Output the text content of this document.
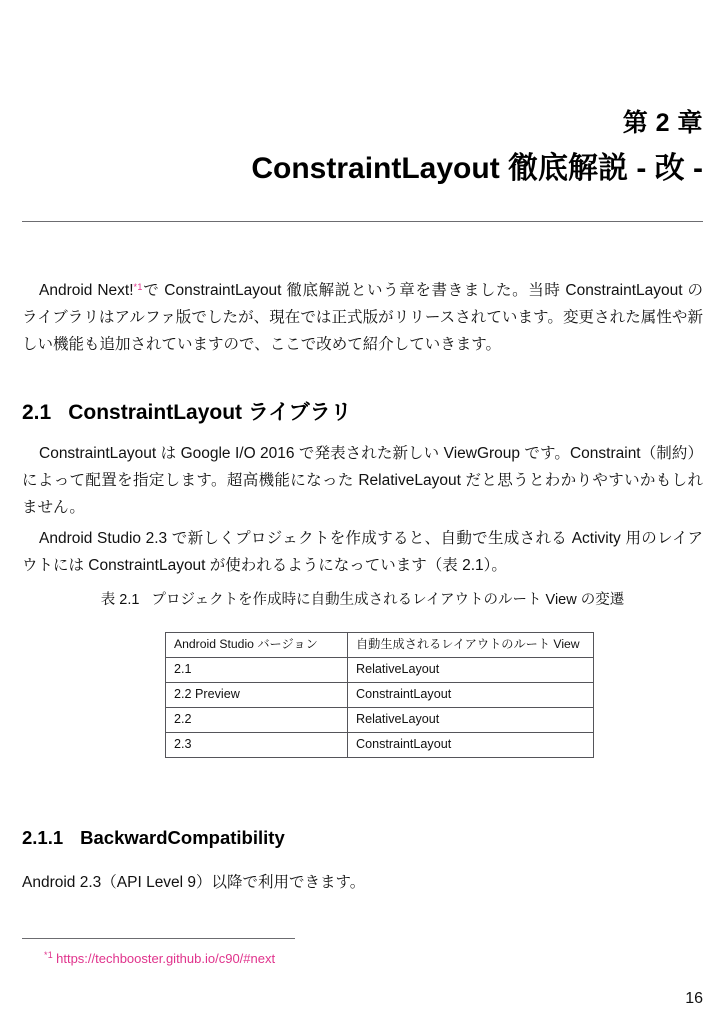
第 2 章
ConstraintLayout 徹底解説 - 改 -

Android Next!$^{*1}$で ConstraintLayout 徹底解説という章を書きました。当時 ConstraintLayout のライブラリはアルファ版でしたが、現在では正式版がリリースされています。変更された属性や新しい機能も追加されていますので、ここで改めて紹介していきます。

2.1 ConstraintLayout ライブラリ

ConstraintLayout は Google I/O 2016 で発表された新しい ViewGroup です。Constraint（制約）によって配置を指定します。超高機能になった RelativeLayout だと思うとわかりやすいかもしれません。

Android Studio 2.3 で新しくプロジェクトを作成すると、自動で生成される Activity 用のレイアウトには ConstraintLayout が使われるようになっています（表 2.1）。

表 2.1 プロジェクトを作成時に自動生成されるレイアウトのルート View の変遷
Android Studio バージョン	自動生成されるレイアウトのルート View
2.1	RelativeLayout
2.2 Preview	ConstraintLayout
2.2	RelativeLayout
2.3	ConstraintLayout
2.1.1 BackwardCompatibility

Android 2.3（API Level 9）以降で利用できます。

$^{*1}$ https://techbooster.github.io/c90/#next
16
